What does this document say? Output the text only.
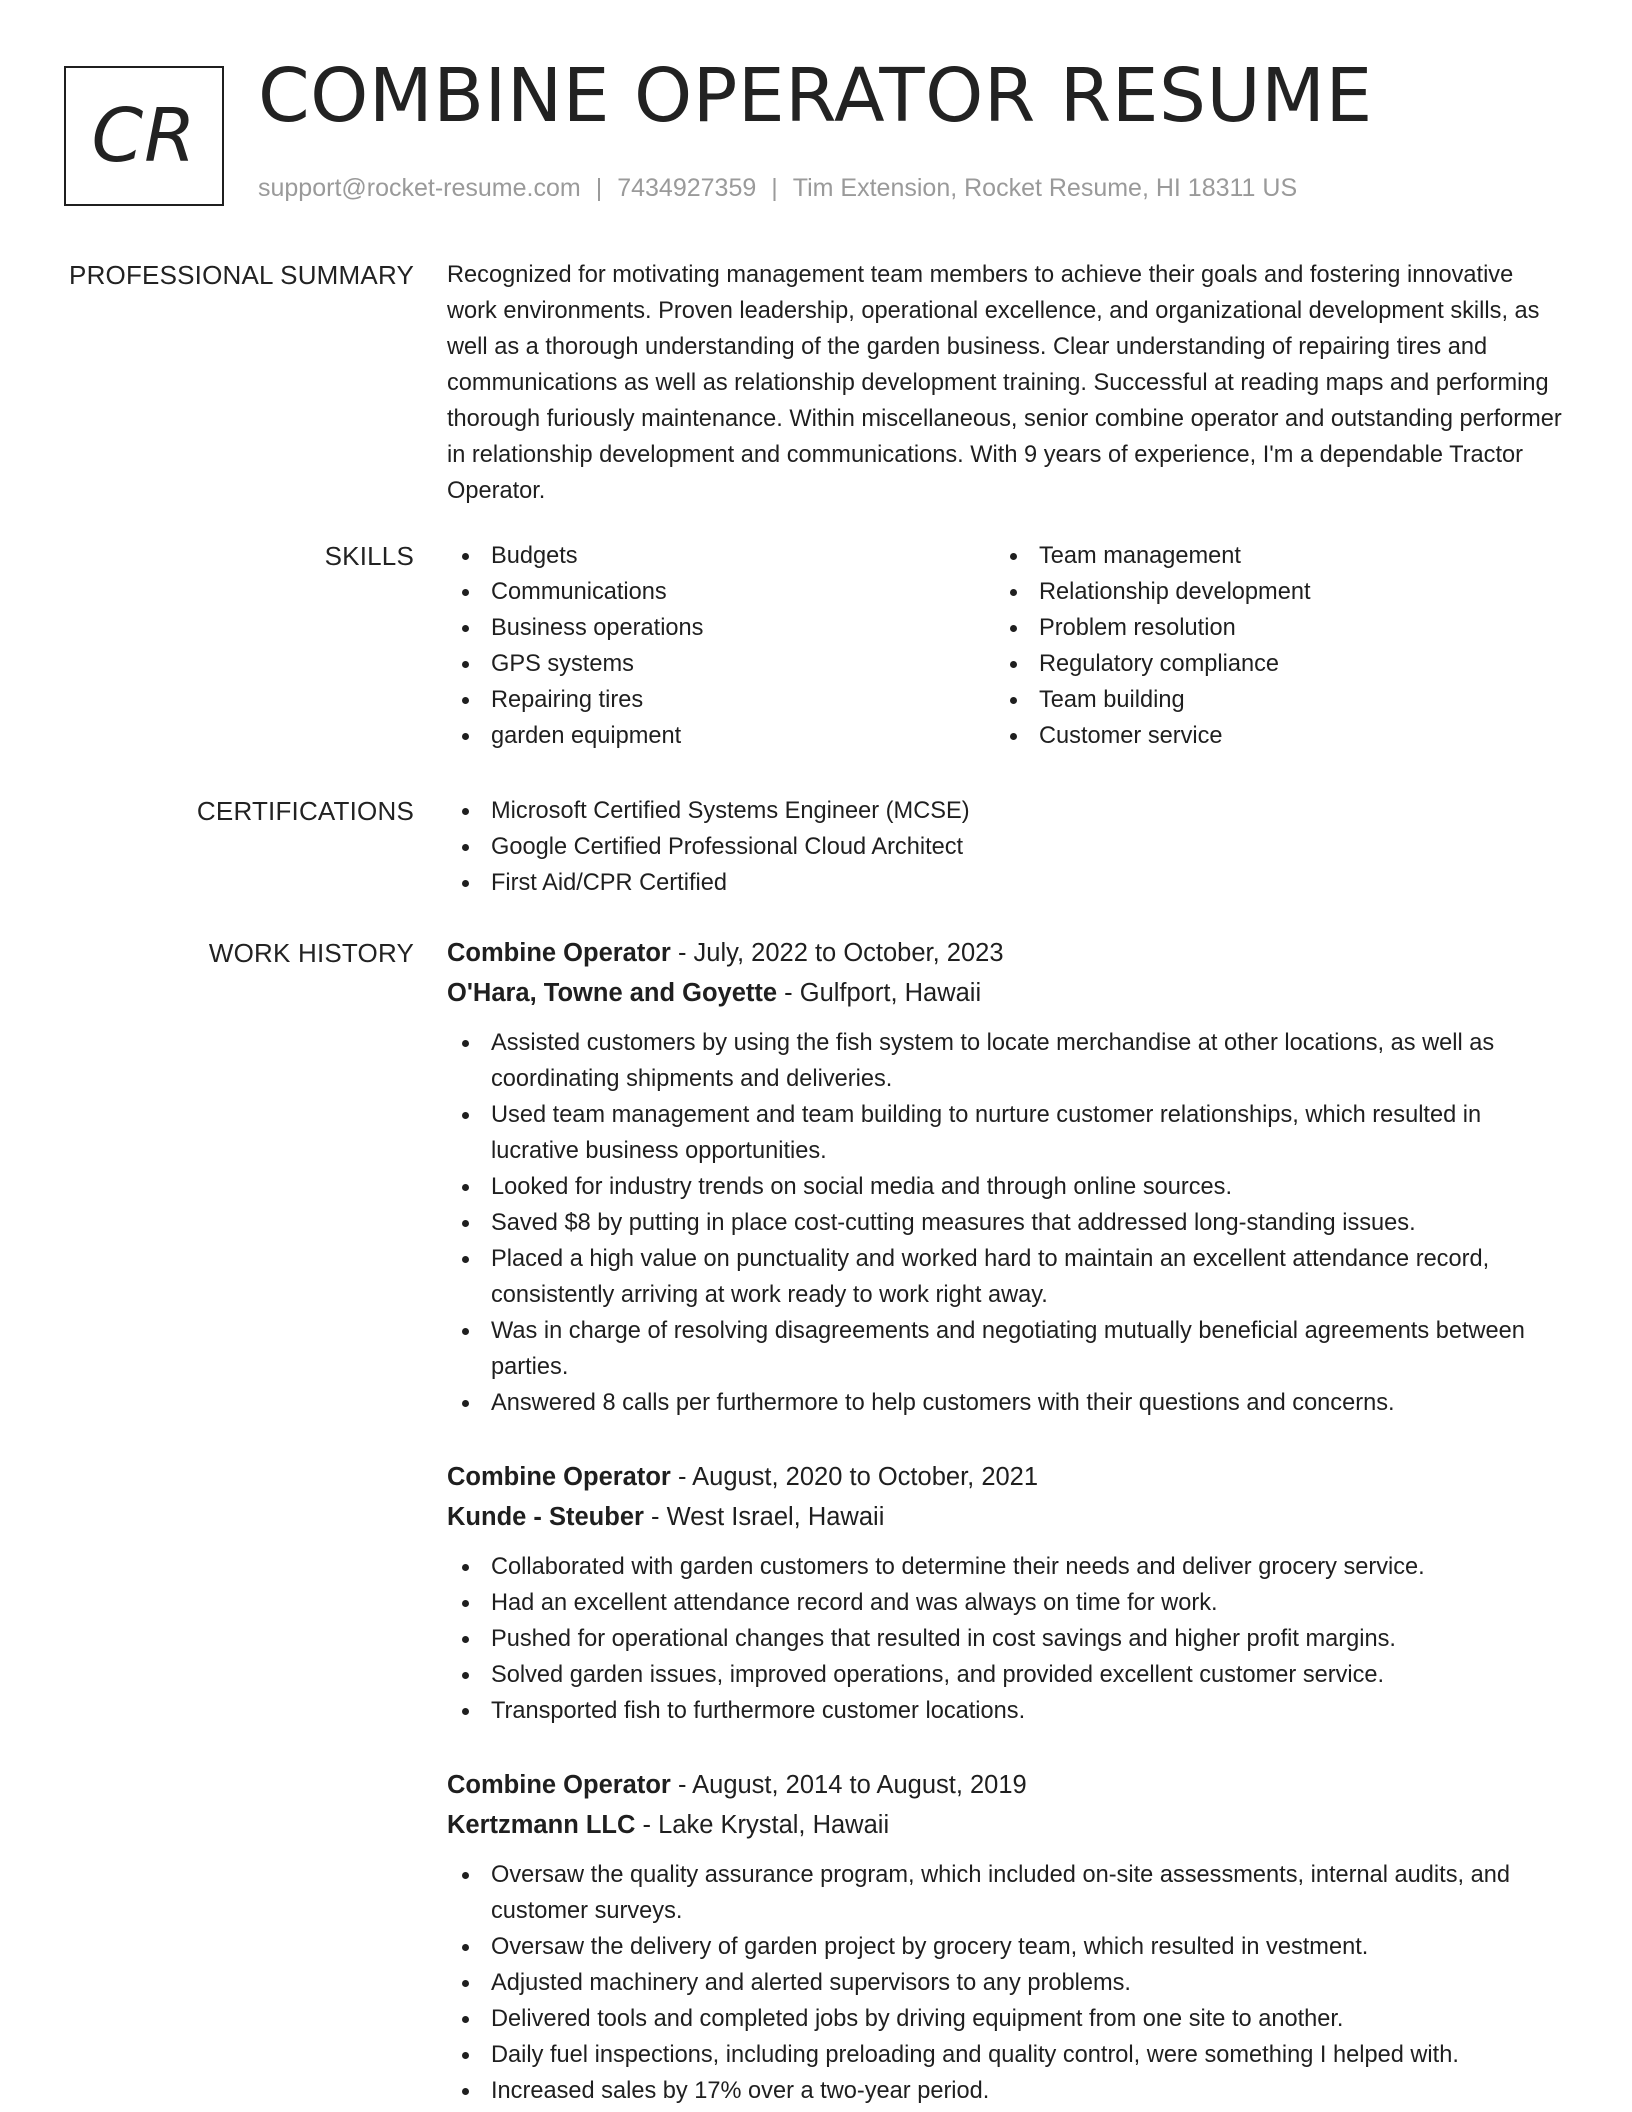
CR COMBINE OPERATOR RESUME
support@rocket-resume.com | 7434927359 | Tim Extension, Rocket Resume, HI 18311 US
PROFESSIONAL SUMMARY Recognized for motivating management team members to achieve their goals and fostering innovative work environments. Proven leadership, operational excellence, and organizational development skills, as well as a thorough understanding of the garden business. Clear understanding of repairing tires and communications as well as relationship development training. Successful at reading maps and performing thorough furiously maintenance. Within miscellaneous, senior combine operator and outstanding performer in relationship development and communications. With 9 years of experience, I'm a dependable Tractor Operator.

SKILLS	Budgets
Communications
Business operations
GPS systems
Repairing tires
garden equipment
Team management
Relationship development
Problem resolution
Regulatory compliance
Team building
Customer service
CERTIFICATIONS	Microsoft Certified Systems Engineer (MCSE)
Google Certified Professional Cloud Architect
First Aid/CPR Certified
WORK HISTORY Combine Operator - July, 2022 to October, 2023
O'Hara, Towne and Goyette - Gulfport, Hawaii
Assisted customers by using the fish system to locate merchandise at other locations, as well as coordinating shipments and deliveries.
Used team management and team building to nurture customer relationships, which resulted in lucrative business opportunities.
Looked for industry trends on social media and through online sources.
Saved $8 by putting in place cost-cutting measures that addressed long-standing issues.
Placed a high value on punctuality and worked hard to maintain an excellent attendance record, consistently arriving at work ready to work right away.
Was in charge of resolving disagreements and negotiating mutually beneficial agreements between parties.
Answered 8 calls per furthermore to help customers with their questions and concerns.
Combine Operator - August, 2020 to October, 2021
Kunde - Steuber - West Israel, Hawaii
Collaborated with garden customers to determine their needs and deliver grocery service.
Had an excellent attendance record and was always on time for work.
Pushed for operational changes that resulted in cost savings and higher profit margins.
Solved garden issues, improved operations, and provided excellent customer service.
Transported fish to furthermore customer locations.
Combine Operator - August, 2014 to August, 2019
Kertzmann LLC - Lake Krystal, Hawaii
Oversaw the quality assurance program, which included on-site assessments, internal audits, and customer surveys.
Oversaw the delivery of garden project by grocery team, which resulted in vestment.
Adjusted machinery and alerted supervisors to any problems.
Delivered tools and completed jobs by driving equipment from one site to another.
Daily fuel inspections, including preloading and quality control, were something I helped with.
Increased sales by 17% over a two-year period.
